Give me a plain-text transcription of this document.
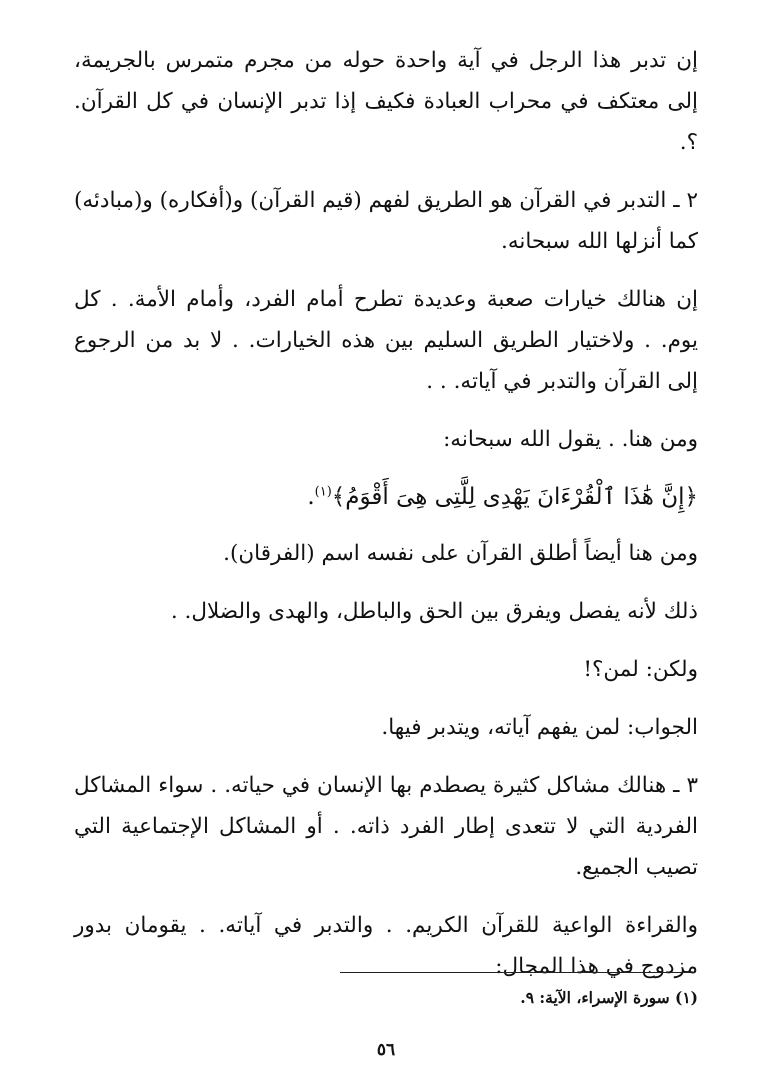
إن تدبر هذا الرجل في آية واحدة حوله من مجرم متمرس بالجريمة، إلى معتكف في محراب العبادة فكيف إذا تدبر الإنسان في كل القرآن. ؟.

٢ ـ التدبر في القرآن هو الطريق لفهم (قيم القرآن) و(أفكاره) و(مبادئه) كما أنزلها الله سبحانه.

إن هنالك خيارات صعبة وعديدة تطرح أمام الفرد، وأمام الأمة. . كل يوم. . ولاختيار الطريق السليم بين هذه الخيارات. . لا بد من الرجوع إلى القرآن والتدبر في آياته. . .

ومن هنا. . يقول الله سبحانه:

﴿إِنَّ هَٰذَا ٱلْقُرْءَانَ يَهْدِى لِلَّتِى هِىَ أَقْوَمُ﴾$^{(١)}$.

ومن هنا أيضاً أطلق القرآن على نفسه اسم (الفرقان).

ذلك لأنه يفصل ويفرق بين الحق والباطل، والهدى والضلال. .

ولكن: لمن؟!

الجواب: لمن يفهم آياته، ويتدبر فيها.

٣ ـ هنالك مشاكل كثيرة يصطدم بها الإنسان في حياته. . سواء المشاكل الفردية التي لا تتعدى إطار الفرد ذاته. . أو المشاكل الإجتماعية التي تصيب الجميع.

والقراءة الواعية للقرآن الكريم. . والتدبر في آياته. . يقومان بدور مزدوج في هذا المجال:

(١) سورة الإسراء، الآية: ٩.
٥٦
